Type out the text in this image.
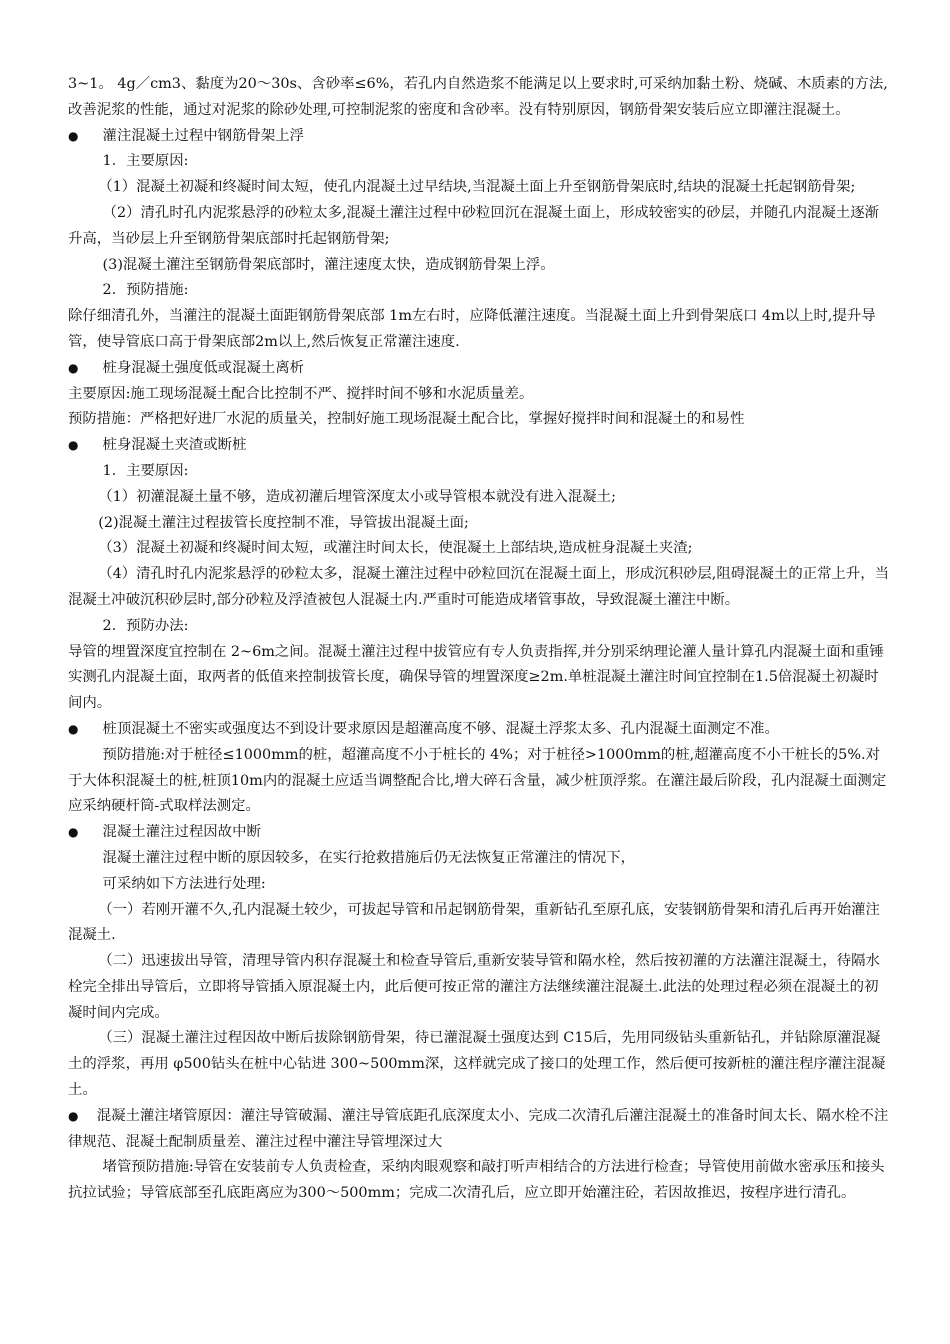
3~1。 4g／cm3、黏度为20～30s、含砂率≤6%，若孔内自然造浆不能满足以上要求时,可采纳加黏土粉、烧碱、木质素的方法,改善泥浆的性能，通过对泥浆的除砂处理,可控制泥浆的密度和含砂率。没有特别原因，钢筋骨架安装后应立即灌注混凝土。

● 灌注混凝土过程中钢筋骨架上浮

1．主要原因:

（1）混凝土初凝和终凝时间太短，使孔内混凝土过早结块,当混凝土面上升至钢筋骨架底时,结块的混凝土托起钢筋骨架;

（2）清孔时孔内泥浆悬浮的砂粒太多,混凝土灌注过程中砂粒回沉在混凝土面上，形成较密实的砂层，并随孔内混凝土逐渐升高，当砂层上升至钢筋骨架底部时托起钢筋骨架;

(3)混凝土灌注至钢筋骨架底部时，灌注速度太快，造成钢筋骨架上浮。

2．预防措施:

除仔细清孔外，当灌注的混凝土面距钢筋骨架底部 1m左右时，应降低灌注速度。当混凝土面上升到骨架底口 4m以上时,提升导管，使导管底口高于骨架底部2m以上,然后恢复正常灌注速度.

● 桩身混凝土强度低或混凝土离析

主要原因:施工现场混凝土配合比控制不严、搅拌时间不够和水泥质量差。

预防措施：严格把好进厂水泥的质量关，控制好施工现场混凝土配合比，掌握好搅拌时间和混凝土的和易性

● 桩身混凝土夹渣或断桩

1．主要原因:

（1）初灌混凝土量不够，造成初灌后埋管深度太小或导管根本就没有进入混凝土;

(2)混凝土灌注过程拔管长度控制不准，导管拔出混凝土面;

（3）混凝土初凝和终凝时间太短，或灌注时间太长，使混凝土上部结块,造成桩身混凝土夹渣;

（4）清孔时孔内泥浆悬浮的砂粒太多，混凝土灌注过程中砂粒回沉在混凝土面上，形成沉积砂层,阻碍混凝土的正常上升，当混凝土冲破沉积砂层时,部分砂粒及浮渣被包人混凝土内.严重时可能造成堵管事故，导致混凝土灌注中断。

2．预防办法:

导管的埋置深度宜控制在 2~6m之间。混凝土灌注过程中拔管应有专人负责指挥,并分别采纳理论灌人量计算孔内混凝土面和重锤实测孔内混凝土面，取两者的低值来控制拔管长度，确保导管的埋置深度≥2m.单桩混凝土灌注时间宜控制在1.5倍混凝土初凝时间内。

● 桩顶混凝土不密实或强度达不到设计要求原因是超灌高度不够、混凝土浮浆太多、孔内混凝土面测定不准。

预防措施:对于桩径≤1000mm的桩，超灌高度不小于桩长的 4%；对于桩径>1000mm的桩,超灌高度不小干桩长的5%.对于大体积混凝土的桩,桩顶10m内的混凝土应适当调整配合比,增大碎石含量，减少桩顶浮浆。在灌注最后阶段，孔内混凝土面测定应采纳硬杆筒-式取样法测定。

● 混凝土灌注过程因故中断

混凝土灌注过程中断的原因较多，在实行抢救措施后仍无法恢复正常灌注的情况下，

可采纳如下方法进行处理:

（一）若刚开灌不久,孔内混凝土较少，可拔起导管和吊起钢筋骨架，重新钻孔至原孔底，安装钢筋骨架和清孔后再开始灌注混凝土.

（二）迅速拔出导管，清理导管内积存混凝土和检查导管后,重新安装导管和隔水栓，然后按初灌的方法灌注混凝土，待隔水栓完全排出导管后，立即将导管插入原混凝土内，此后便可按正常的灌注方法继续灌注混凝土.此法的处理过程必须在混凝土的初凝时间内完成。

（三）混凝土灌注过程因故中断后拔除钢筋骨架，待已灌混凝土强度达到 C15后，先用同级钻头重新钻孔，并钻除原灌混凝土的浮浆，再用 φ500钻头在桩中心钻进 300~500mm深，这样就完成了接口的处理工作，然后便可按新桩的灌注程序灌注混凝土。

● 混凝土灌注堵管原因：灌注导管破漏、灌注导管底距孔底深度太小、完成二次清孔后灌注混凝土的准备时间太长、隔水栓不注律规范、混凝土配制质量差、灌注过程中灌注导管埋深过大

堵管预防措施:导管在安装前专人负责检查，采纳肉眼观察和敲打听声相结合的方法进行检查；导管使用前做水密承压和接头抗拉试验；导管底部至孔底距离应为300～500mm；完成二次清孔后，应立即开始灌注砼，若因故推迟，按程序进行清孔。
